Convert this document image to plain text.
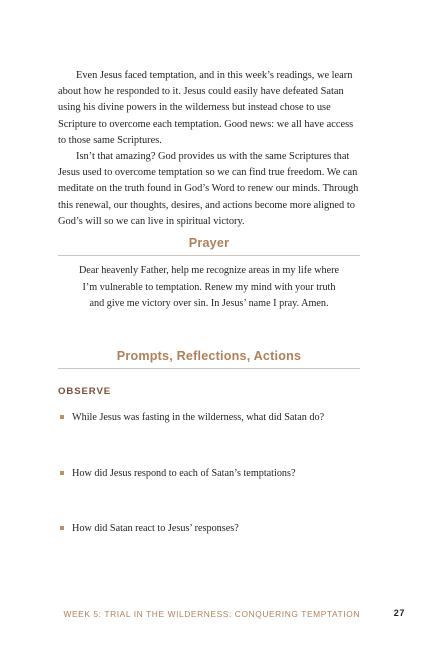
Even Jesus faced temptation, and in this week’s readings, we learn about how he responded to it. Jesus could easily have defeated Satan using his divine powers in the wilderness but instead chose to use Scripture to overcome each temptation. Good news: we all have access to those same Scriptures.

Isn’t that amazing? God provides us with the same Scriptures that Jesus used to overcome temptation so we can find true freedom. We can meditate on the truth found in God’s Word to renew our minds. Through this renewal, our thoughts, desires, and actions become more aligned to God’s will so we can live in spiritual victory.

Prayer

Dear heavenly Father, help me recognize areas in my life where

I’m vulnerable to temptation. Renew my mind with your truth

and give me victory over sin. In Jesus’ name I pray. Amen.

Prompts, Reflections, Actions

OBSERVE

While Jesus was fasting in the wilderness, what did Satan do?
How did Jesus respond to each of Satan’s temptations?
How did Satan react to Jesus’ responses?
WEEK 5: TRIAL IN THE WILDERNESS: CONQUERING TEMPTATION	27
